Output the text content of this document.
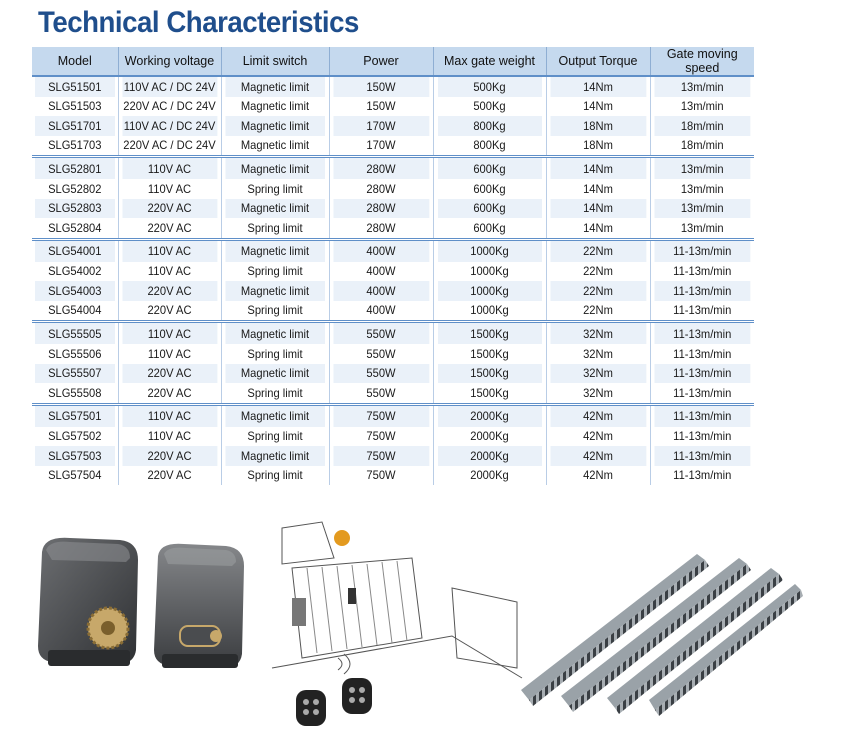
Technical Characteristics
Model	Working voltage	Limit switch	Power	Max gate weight	Output Torque	Gate moving speed
SLG51501	110V AC / DC 24V	Magnetic limit	150W	500Kg	14Nm	13m/min
SLG51503	220V AC / DC 24V	Magnetic limit	150W	500Kg	14Nm	13m/min
SLG51701	110V AC / DC 24V	Magnetic limit	170W	800Kg	18Nm	18m/min
SLG51703	220V AC / DC 24V	Magnetic limit	170W	800Kg	18Nm	18m/min
SLG52801	110V AC	Magnetic limit	280W	600Kg	14Nm	13m/min
SLG52802	110V AC	Spring limit	280W	600Kg	14Nm	13m/min
SLG52803	220V AC	Magnetic limit	280W	600Kg	14Nm	13m/min
SLG52804	220V AC	Spring limit	280W	600Kg	14Nm	13m/min
SLG54001	110V AC	Magnetic limit	400W	1000Kg	22Nm	11-13m/min
SLG54002	110V AC	Spring limit	400W	1000Kg	22Nm	11-13m/min
SLG54003	220V AC	Magnetic limit	400W	1000Kg	22Nm	11-13m/min
SLG54004	220V AC	Spring limit	400W	1000Kg	22Nm	11-13m/min
SLG55505	110V AC	Magnetic limit	550W	1500Kg	32Nm	11-13m/min
SLG55506	110V AC	Spring limit	550W	1500Kg	32Nm	11-13m/min
SLG55507	220V AC	Magnetic limit	550W	1500Kg	32Nm	11-13m/min
SLG55508	220V AC	Spring limit	550W	1500Kg	32Nm	11-13m/min
SLG57501	110V AC	Magnetic limit	750W	2000Kg	42Nm	11-13m/min
SLG57502	110V AC	Spring limit	750W	2000Kg	42Nm	11-13m/min
SLG57503	220V AC	Magnetic limit	750W	2000Kg	42Nm	11-13m/min
SLG57504	220V AC	Spring limit	750W	2000Kg	42Nm	11-13m/min
